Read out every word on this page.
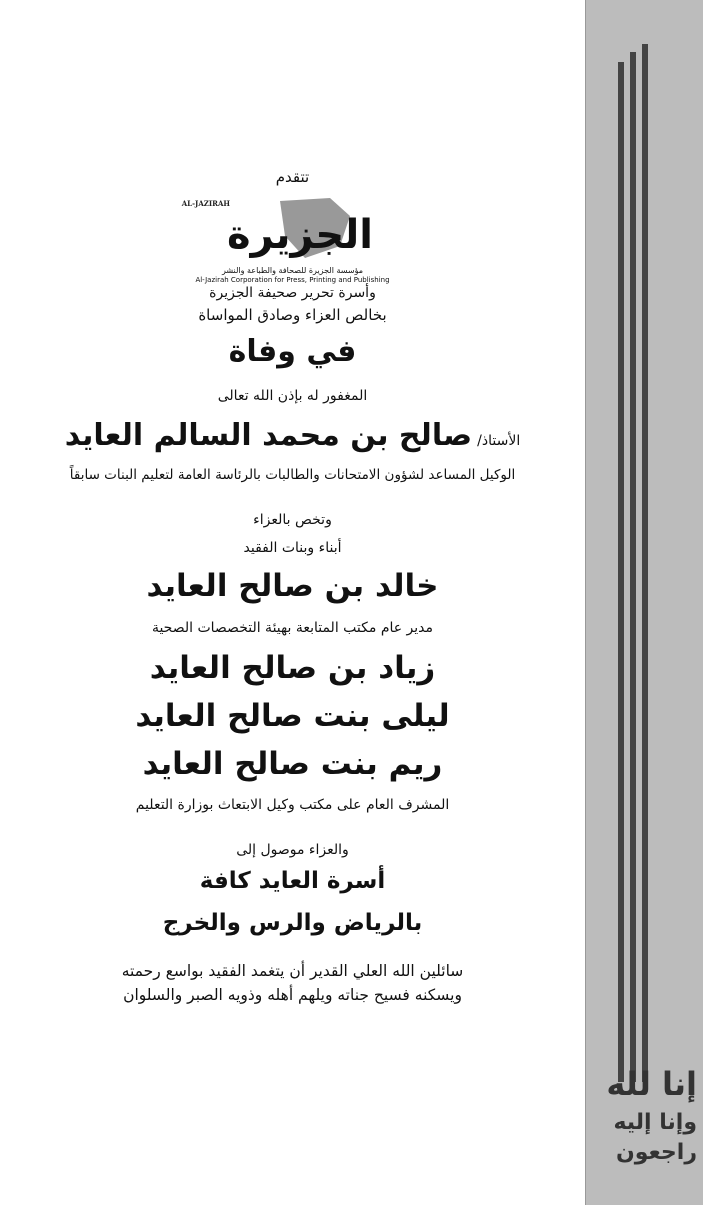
تتقدم
AL-JAZIRAH
الجزيرة
مؤسسة الجزيرة للصحافة والطباعة والنشر
Al-Jazirah Corporation for Press, Printing and Publishing
وأسرة تحرير صحيفة الجزيرة
بخالص العزاء وصادق المواساة
في وفاة
المغفور له بإذن الله تعالى
الأستاذ/ صالح بن محمد السالم العايد
الوكيل المساعد لشؤون الامتحانات والطالبات بالرئاسة العامة لتعليم البنات سابقاً
وتخص بالعزاء
أبناء وبنات الفقيد
خالد بن صالح العايد
مدير عام مكتب المتابعة بهيئة التخصصات الصحية
زياد بن صالح العايد
ليلى بنت صالح العايد
ريم بنت صالح العايد
المشرف العام على مكتب وكيل الابتعاث بوزارة التعليم
والعزاء موصول إلى
أسرة العايد كافة
بالرياض والرس والخرج
سائلين الله العلي القدير أن يتغمد الفقيد بواسع رحمته
ويسكنه فسيح جناته ويلهم أهله وذويه الصبر والسلوان
إنا لله
وإنا إليه
راجعون
